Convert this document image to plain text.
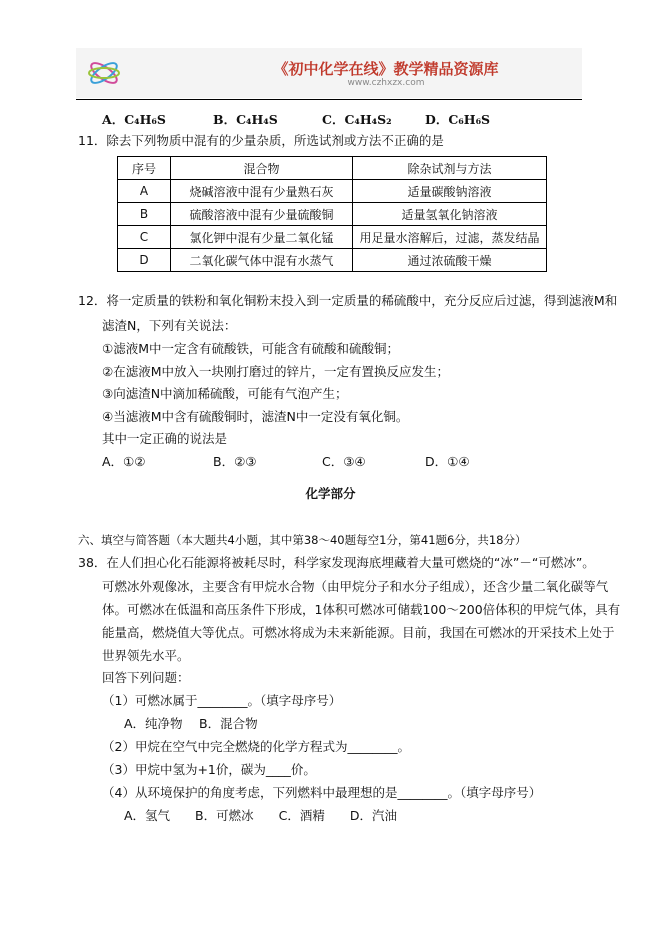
《初中化学在线》教学精品资源库
www.czhxzx.com
A．C₄H₆S	B．C₄H₄S	C．C₄H₄S₂	D．C₆H₆S
11．除去下列物质中混有的少量杂质，所选试剂或方法不正确的是
序号	混合物	除杂试剂与方法
A	烧碱溶液中混有少量熟石灰	适量碳酸钠溶液
B	硫酸溶液中混有少量硫酸铜	适量氢氧化钠溶液
C	氯化钾中混有少量二氧化锰	用足量水溶解后，过滤，蒸发结晶
D	二氧化碳气体中混有水蒸气	通过浓硫酸干燥
12．将一定质量的铁粉和氧化铜粉末投入到一定质量的稀硫酸中，充分反应后过滤，得到滤液M和
滤渣N，下列有关说法：
①滤液M中一定含有硫酸铁，可能含有硫酸和硫酸铜；
②在滤液M中放入一块刚打磨过的锌片，一定有置换反应发生；
③向滤渣N中滴加稀硫酸，可能有气泡产生；
④当滤液M中含有硫酸铜时，滤渣N中一定没有氧化铜。
其中一定正确的说法是
A．①②	B．②③	C．③④	D．①④
化学部分
六、填空与简答题（本大题共4小题，其中第38～40题每空1分，第41题6分，共18分）
38．在人们担心化石能源将被耗尽时，科学家发现海底埋藏着大量可燃烧的“冰”－“可燃冰”。
可燃冰外观像冰，主要含有甲烷水合物（由甲烷分子和水分子组成），还含少量二氧化碳等气
体。可燃冰在低温和高压条件下形成，1体积可燃冰可储载100～200倍体积的甲烷气体，具有
能量高，燃烧值大等优点。可燃冰将成为未来新能源。目前，我国在可燃冰的开采技术上处于
世界领先水平。
回答下列问题：
（1）可燃冰属于________。（填字母序号）
A．纯净物　 B．混合物
（2）甲烷在空气中完全燃烧的化学方程式为________。
（3）甲烷中氢为+1价，碳为____价。
（4）从环境保护的角度考虑，下列燃料中最理想的是________。（填字母序号）
A．氢气　　B．可燃冰　　C．酒精　　D．汽油
